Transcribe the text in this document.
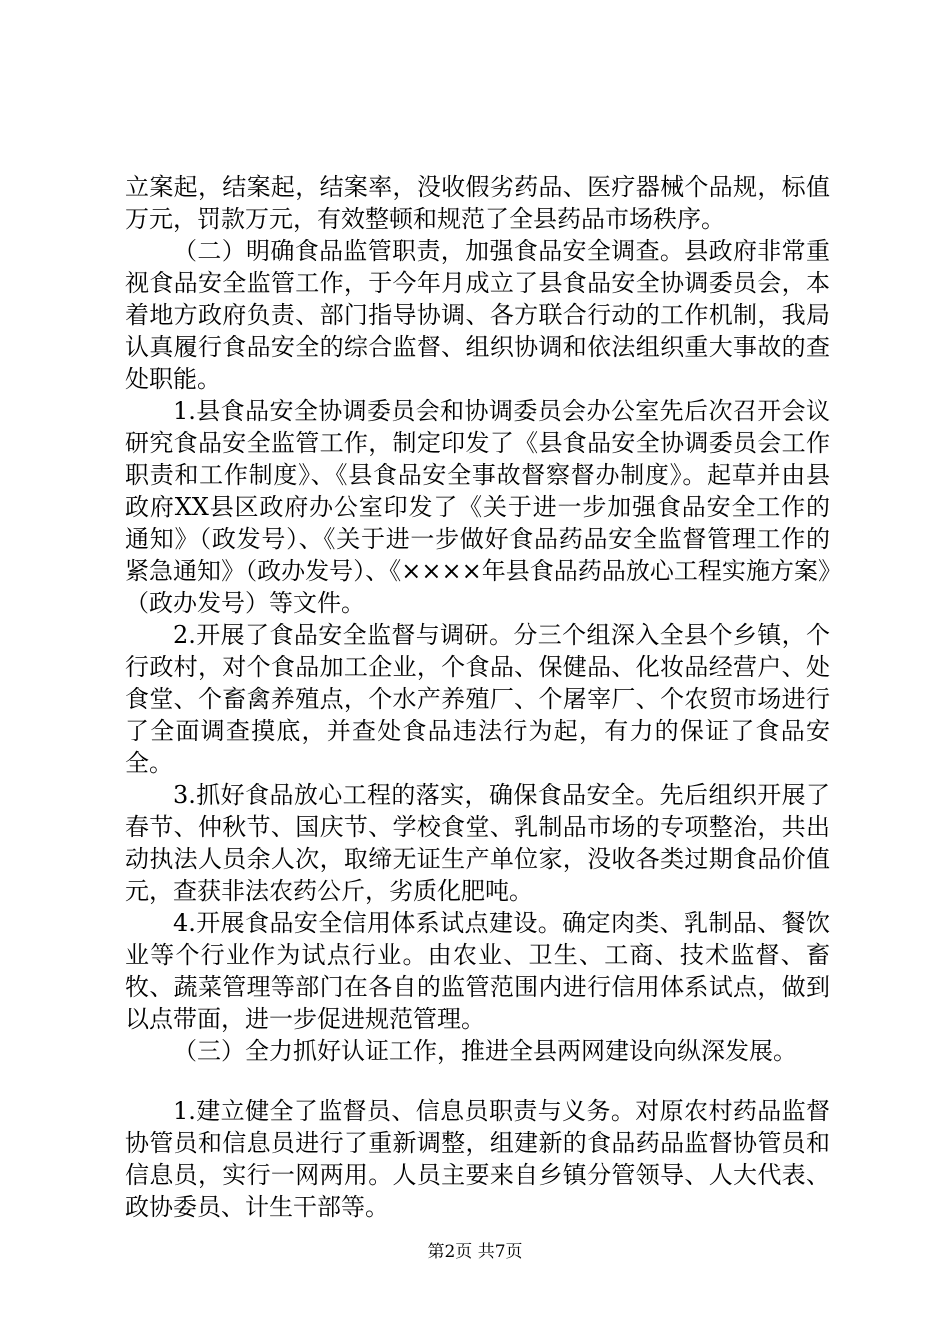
立案起，结案起，结案率，没收假劣药品、医疗器械个品规，标值万元，罚款万元，有效整顿和规范了全县药品市场秩序。

（二）明确食品监管职责，加强食品安全调查。县政府非常重视食品安全监管工作，于今年月成立了县食品安全协调委员会，本着地方政府负责、部门指导协调、各方联合行动的工作机制，我局认真履行食品安全的综合监督、组织协调和依法组织重大事故的查处职能。

1.县食品安全协调委员会和协调委员会办公室先后次召开会议研究食品安全监管工作，制定印发了《县食品安全协调委员会工作职责和工作制度》、《县食品安全事故督察督办制度》。起草并由县政府XX县区政府办公室印发了《关于进一步加强食品安全工作的通知》（政发号）、《关于进一步做好食品药品安全监督管理工作的紧急通知》（政办发号）、《××××年县食品药品放心工程实施方案》（政办发号）等文件。

2.开展了食品安全监督与调研。分三个组深入全县个乡镇，个行政村，对个食品加工企业，个食品、保健品、化妆品经营户、处食堂、个畜禽养殖点，个水产养殖厂、个屠宰厂、个农贸市场进行了全面调查摸底，并查处食品违法行为起，有力的保证了食品安全。

3.抓好食品放心工程的落实，确保食品安全。先后组织开展了春节、仲秋节、国庆节、学校食堂、乳制品市场的专项整治，共出动执法人员余人次，取缔无证生产单位家，没收各类过期食品价值元，查获非法农药公斤，劣质化肥吨。

4.开展食品安全信用体系试点建设。确定肉类、乳制品、餐饮业等个行业作为试点行业。由农业、卫生、工商、技术监督、畜牧、蔬菜管理等部门在各自的监管范围内进行信用体系试点，做到以点带面，进一步促进规范管理。

（三）全力抓好认证工作，推进全县两网建设向纵深发展。

1.建立健全了监督员、信息员职责与义务。对原农村药品监督协管员和信息员进行了重新调整，组建新的食品药品监督协管员和信息员，实行一网两用。人员主要来自乡镇分管领导、人大代表、政协委员、计生干部等。

第2页 共7页
